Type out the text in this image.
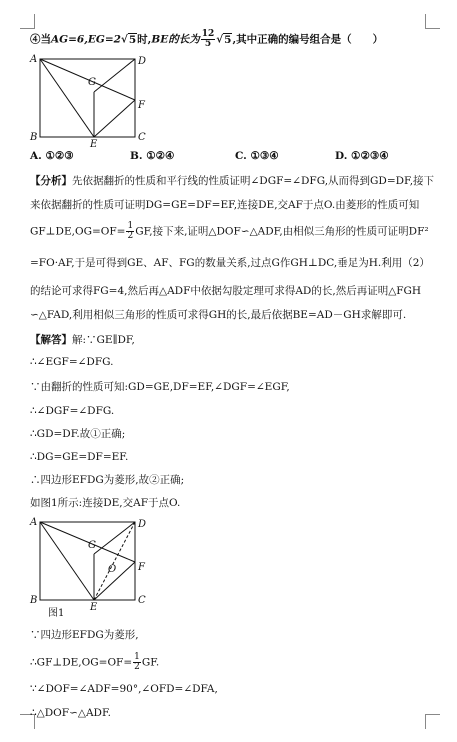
④当AG=6,EG=2√5时,BE的长为 $\frac{12}{5} √5$,其中正确的编号组合是（　　）
A	D
G
F
B
E
C
A. ①②③	B. ①②④	C. ①③④	D. ①②③④
【分析】先依据翻折的性质和平行线的性质证明∠DGF=∠DFG,从而得到GD=DF,接下
来依据翻折的性质可证明DG=GE=DF=EF,连接DE,交AF于点O.由菱形的性质可知
GF⊥DE,OG=OF= $\frac{1}{2}$ GF,接下来,证明△DOF∽△ADF,由相似三角形的性质可证明DF²
=FO·AF,于是可得到GE、AF、FG的数量关系,过点G作GH⊥DC,垂足为H.利用（2）
的结论可求得FG=4,然后再△ADF中依据勾股定理可求得AD的长,然后再证明△FGH
∽△FAD,利用相似三角形的性质可求得GH的长,最后依据BE=AD－GH求解即可.
【解答】解:∵GE∥DF,
∴∠EGF=∠DFG.
∵由翻折的性质可知:GD=GE,DF=EF,∠DGF=∠EGF,
∴∠DGF=∠DFG.
∴GD=DF.故①正确;
∴DG=GE=DF=EF.
∴四边形EFDG为菱形,故②正确;
如图1所示:连接DE,交AF于点O.
A	D
G
O F
B
E
C
图1
∵四边形EFDG为菱形,
∴GF⊥DE,OG=OF= $\frac{1}{2}$ GF.
∵∠DOF=∠ADF=90°,∠OFD=∠DFA,
∴△DOF∽△ADF.
